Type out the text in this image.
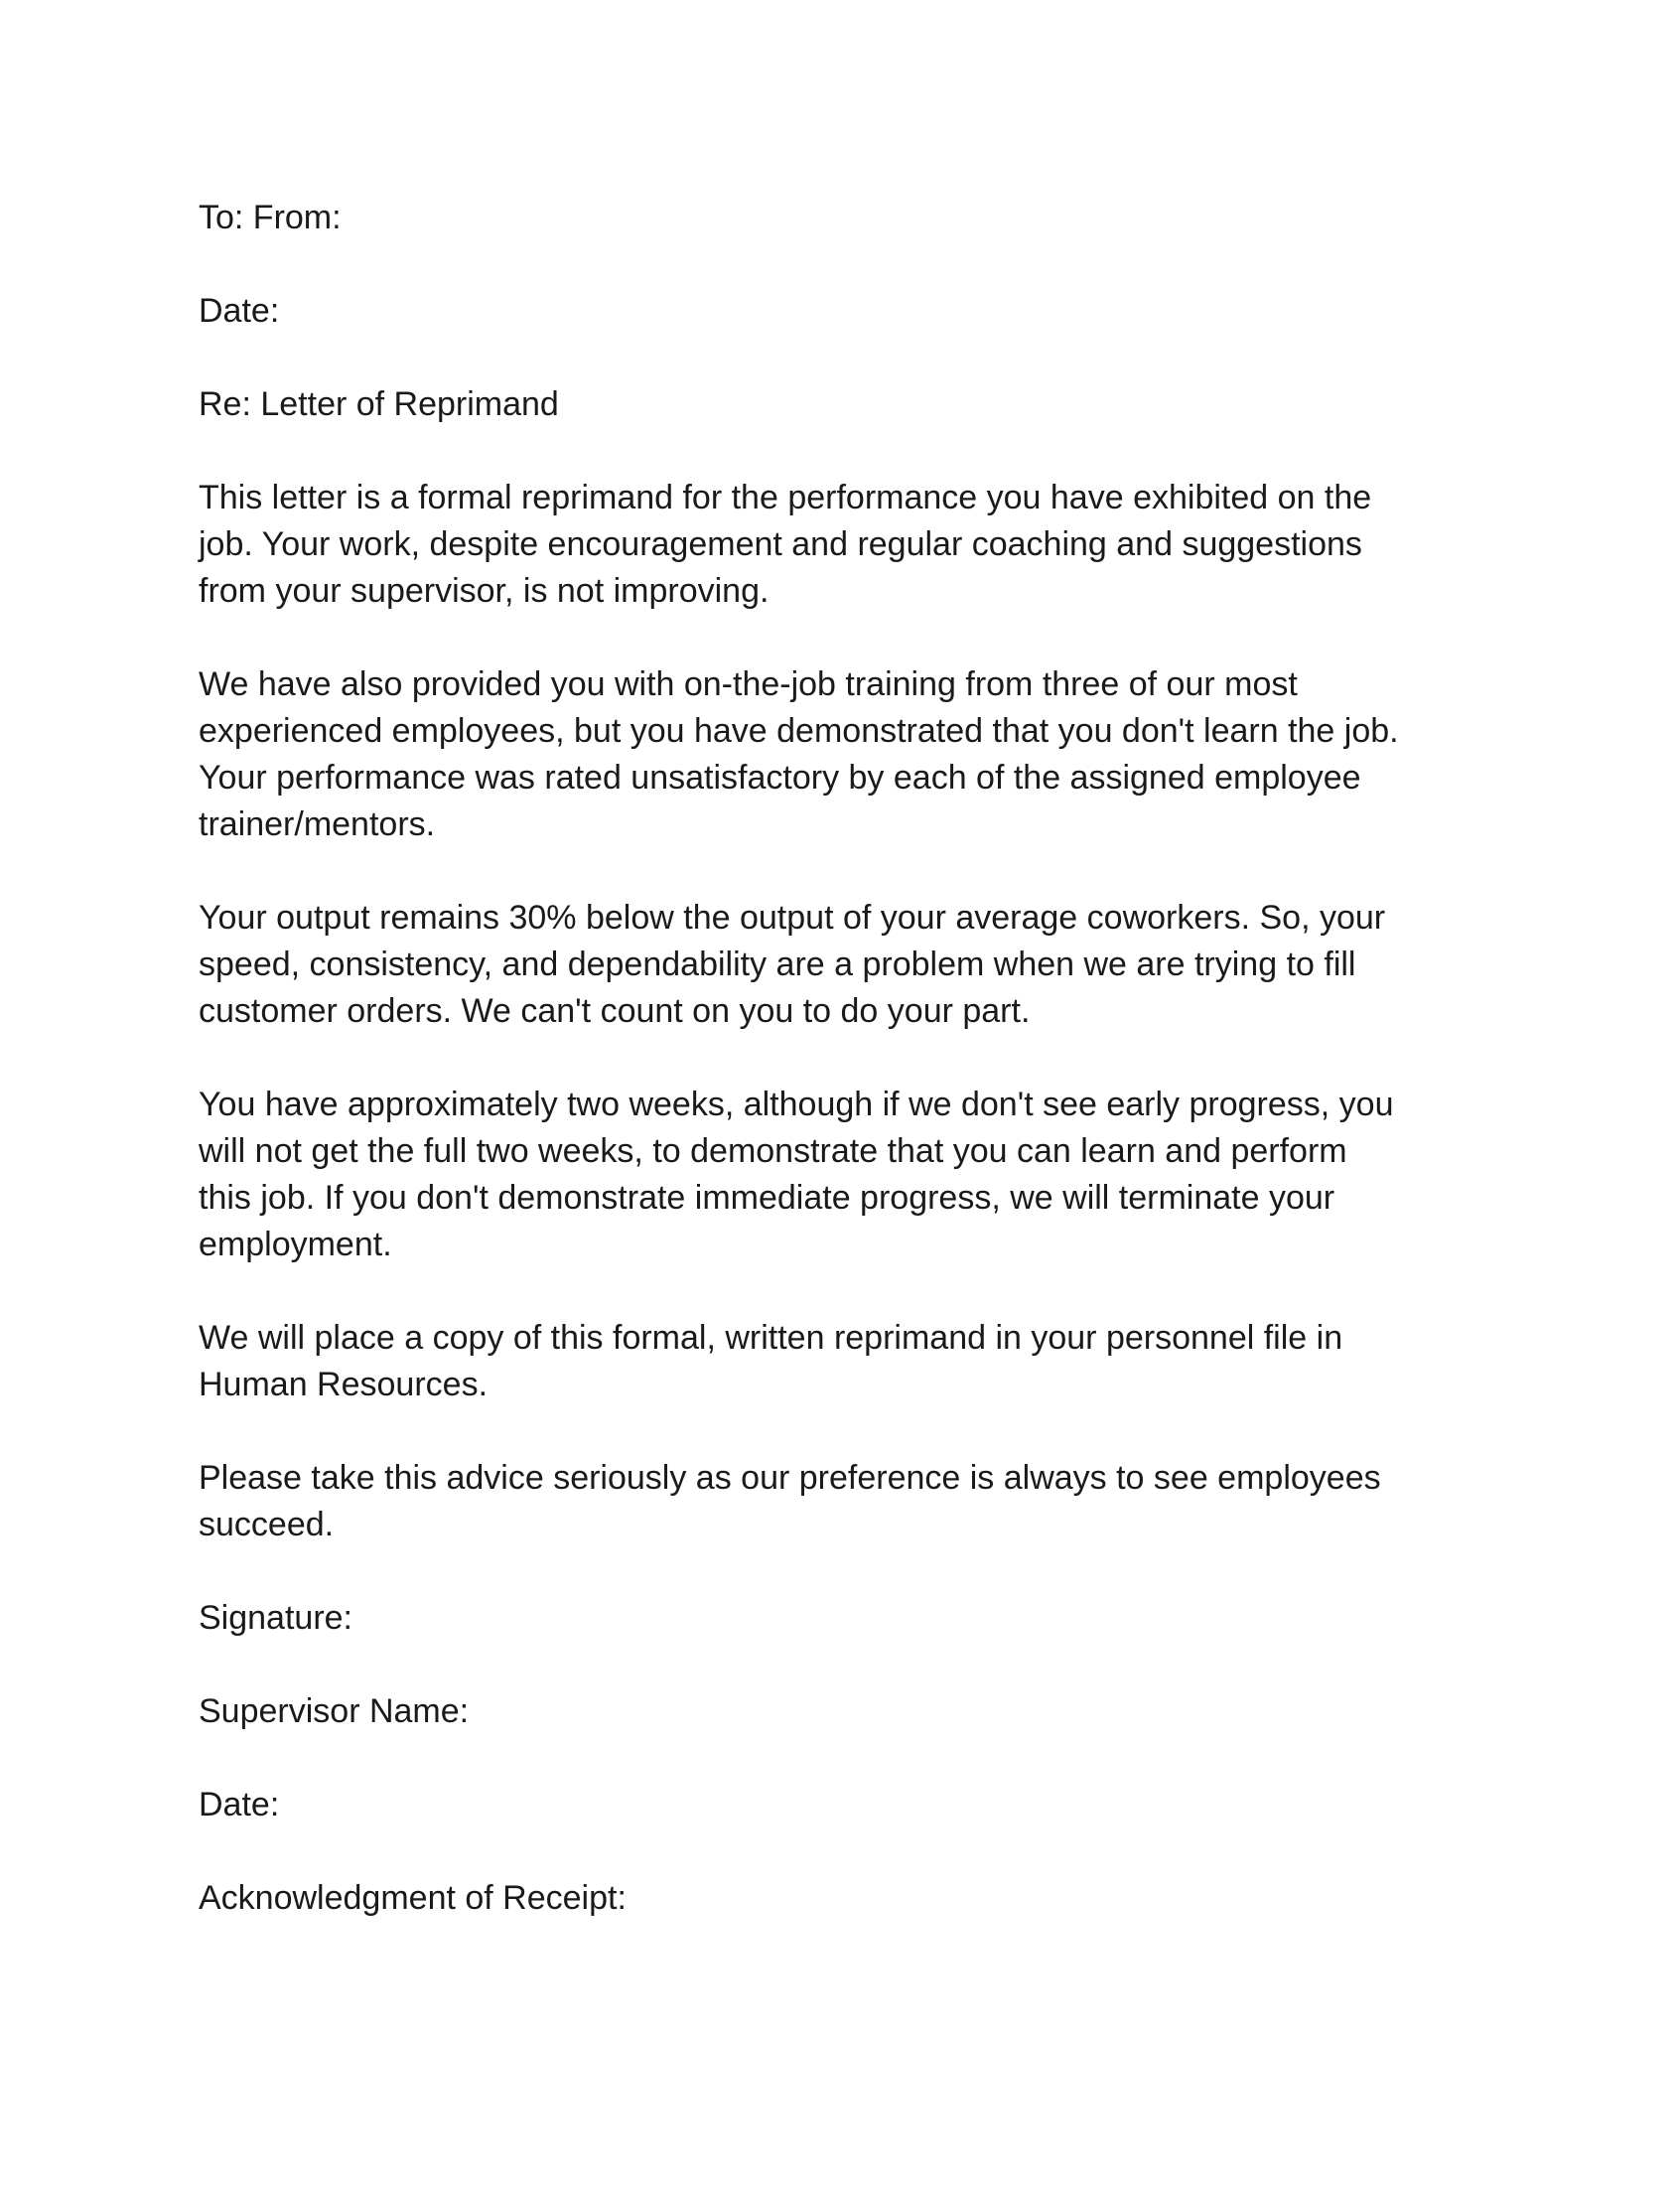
To: From:
Date:
Re: Letter of Reprimand
This letter is a formal reprimand for the performance you have exhibited on the
job. Your work, despite encouragement and regular coaching and suggestions
from your supervisor, is not improving.
We have also provided you with on-the-job training from three of our most
experienced employees, but you have demonstrated that you don't learn the job.
Your performance was rated unsatisfactory by each of the assigned employee
trainer/mentors.
Your output remains 30% below the output of your average coworkers. So, your
speed, consistency, and dependability are a problem when we are trying to fill
customer orders. We can't count on you to do your part.
You have approximately two weeks, although if we don't see early progress, you
will not get the full two weeks, to demonstrate that you can learn and perform
this job. If you don't demonstrate immediate progress, we will terminate your
employment.
We will place a copy of this formal, written reprimand in your personnel file in
Human Resources.
Please take this advice seriously as our preference is always to see employees
succeed.
Signature:
Supervisor Name:
Date:
Acknowledgment of Receipt:
